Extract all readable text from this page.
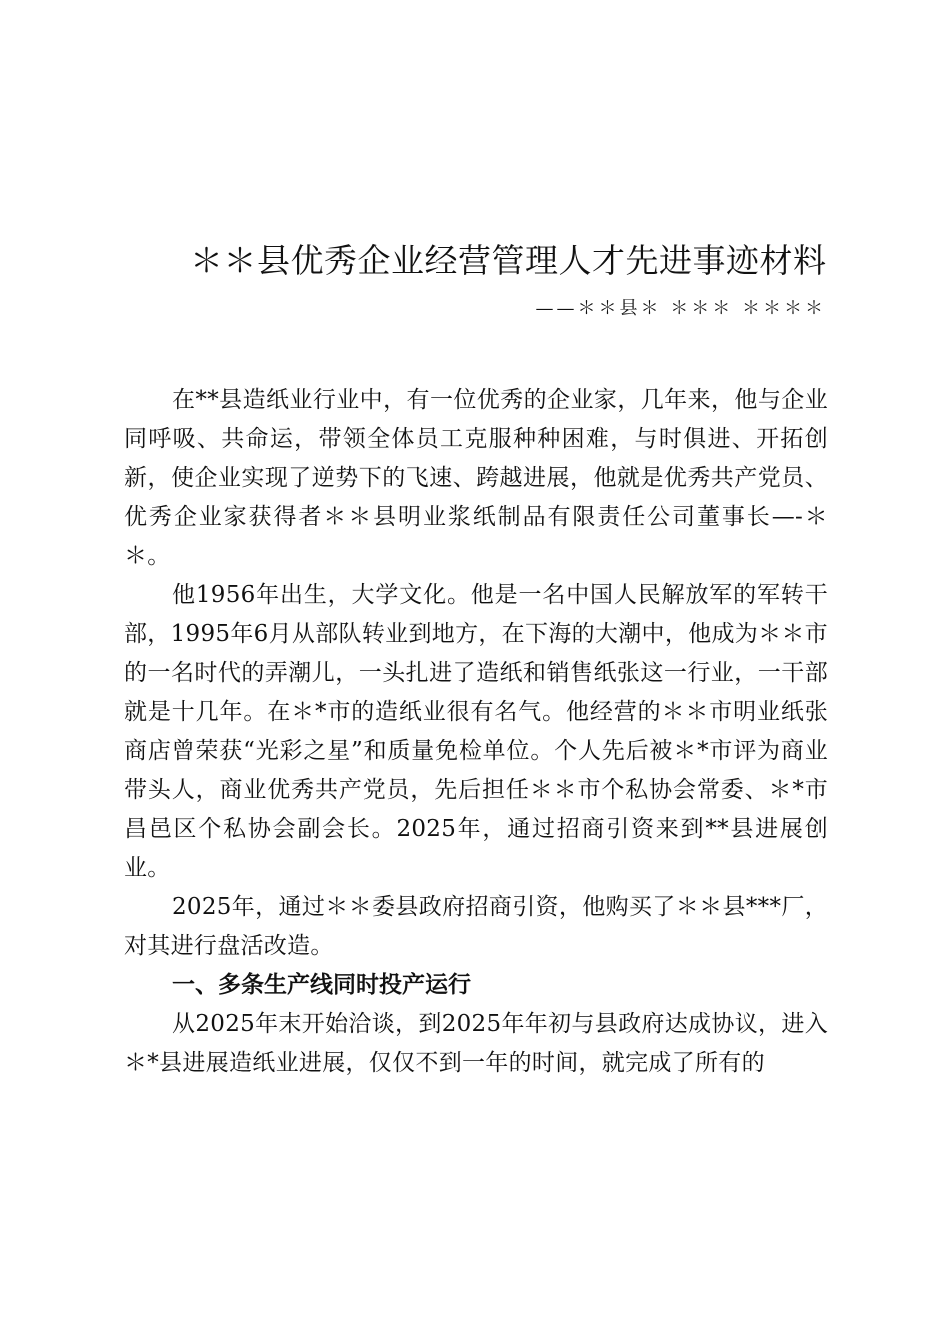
＊＊县优秀企业经营管理人才先进事迹材料

——＊＊县＊ ＊＊＊ ＊＊＊＊

在**县造纸业行业中，有一位优秀的企业家，几年来，他与企业同呼吸、共命运，带领全体员工克服种种困难，与时俱进、开拓创新，使企业实现了逆势下的飞速、跨越进展，他就是优秀共产党员、优秀企业家获得者＊＊县明业浆纸制品有限责任公司董事长—-＊＊。

他1956年出生，大学文化。他是一名中国人民解放军的军转干部，1995年6月从部队转业到地方，在下海的大潮中，他成为＊＊市的一名时代的弄潮儿，一头扎进了造纸和销售纸张这一行业，一干部就是十几年。在＊*市的造纸业很有名气。他经营的＊＊市明业纸张商店曾荣获“光彩之星”和质量免检单位。个人先后被＊*市评为商业带头人，商业优秀共产党员，先后担任＊＊市个私协会常委、＊*市昌邑区个私协会副会长。2025年，通过招商引资来到**县进展创业。

2025年，通过＊＊委县政府招商引资，他购买了＊＊县***厂，对其进行盘活改造。

一、多条生产线同时投产运行

从2025年末开始洽谈，到2025年年初与县政府达成协议，进入＊*县进展造纸业进展，仅仅不到一年的时间，就完成了所有的
